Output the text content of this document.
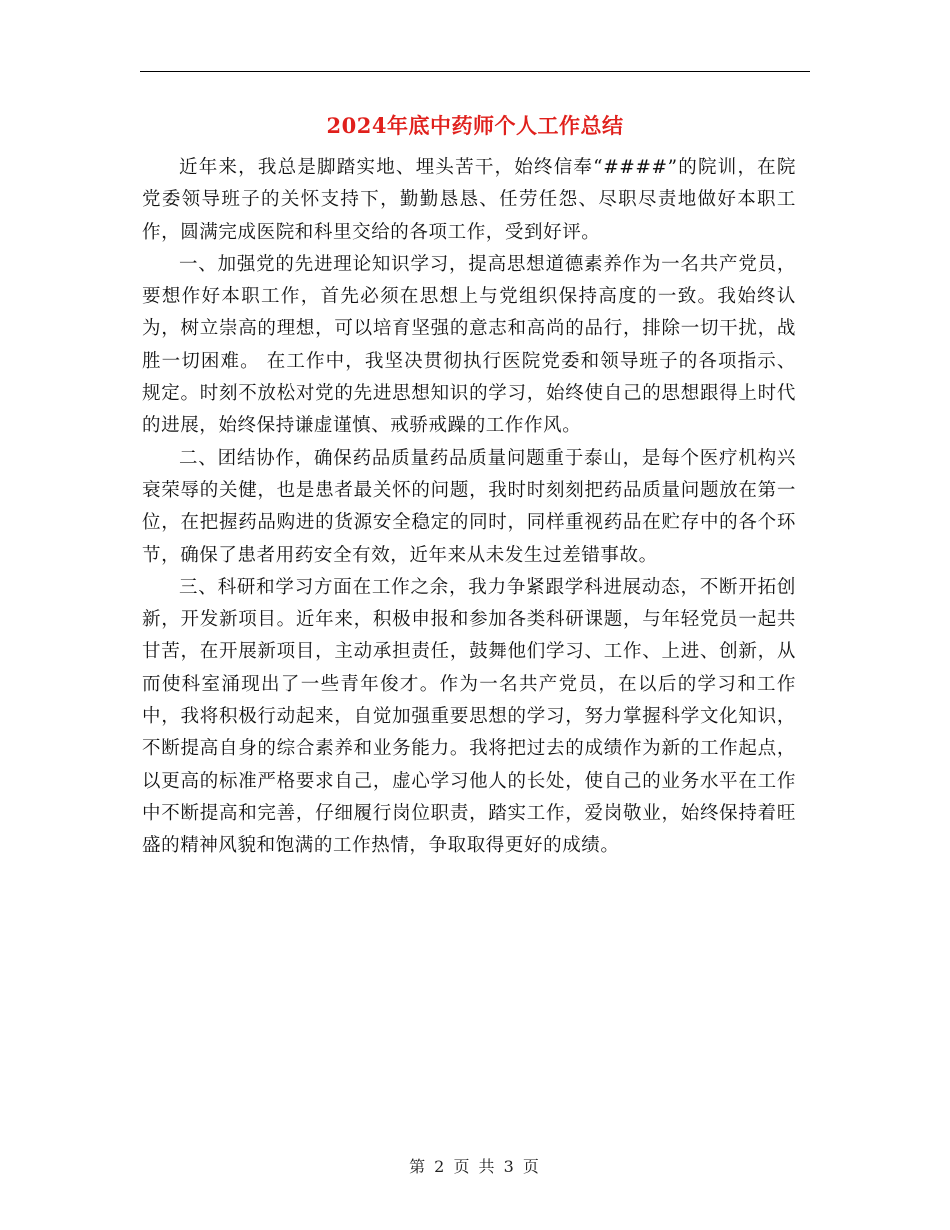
2024年底中药师个人工作总结

近年来，我总是脚踏实地、埋头苦干，始终信奉“####”的院训，在院党委领导班子的关怀支持下，勤勤恳恳、任劳任怨、尽职尽责地做好本职工作，圆满完成医院和科里交给的各项工作，受到好评。

一、加强党的先进理论知识学习，提高思想道德素养作为一名共产党员，要想作好本职工作，首先必须在思想上与党组织保持高度的一致。我始终认为，树立崇高的理想，可以培育坚强的意志和高尚的品行，排除一切干扰，战胜一切困难。 在工作中，我坚决贯彻执行医院党委和领导班子的各项指示、规定。时刻不放松对党的先进思想知识的学习，始终使自己的思想跟得上时代的进展，始终保持谦虚谨慎、戒骄戒躁的工作作风。

二、团结协作，确保药品质量药品质量问题重于泰山，是每个医疗机构兴衰荣辱的关健，也是患者最关怀的问题，我时时刻刻把药品质量问题放在第一位，在把握药品购进的货源安全稳定的同时，同样重视药品在贮存中的各个环节，确保了患者用药安全有效，近年来从未发生过差错事故。

三、科研和学习方面在工作之余，我力争紧跟学科进展动态，不断开拓创新，开发新项目。近年来，积极申报和参加各类科研课题，与年轻党员一起共甘苦，在开展新项目，主动承担责任，鼓舞他们学习、工作、上进、创新，从而使科室涌现出了一些青年俊才。作为一名共产党员，在以后的学习和工作中，我将积极行动起来，自觉加强重要思想的学习，努力掌握科学文化知识，不断提高自身的综合素养和业务能力。我将把过去的成绩作为新的工作起点，以更高的标准严格要求自己，虚心学习他人的长处，使自己的业务水平在工作中不断提高和完善，仔细履行岗位职责，踏实工作，爱岗敬业，始终保持着旺盛的精神风貌和饱满的工作热情，争取取得更好的成绩。

第 2 页 共 3 页
